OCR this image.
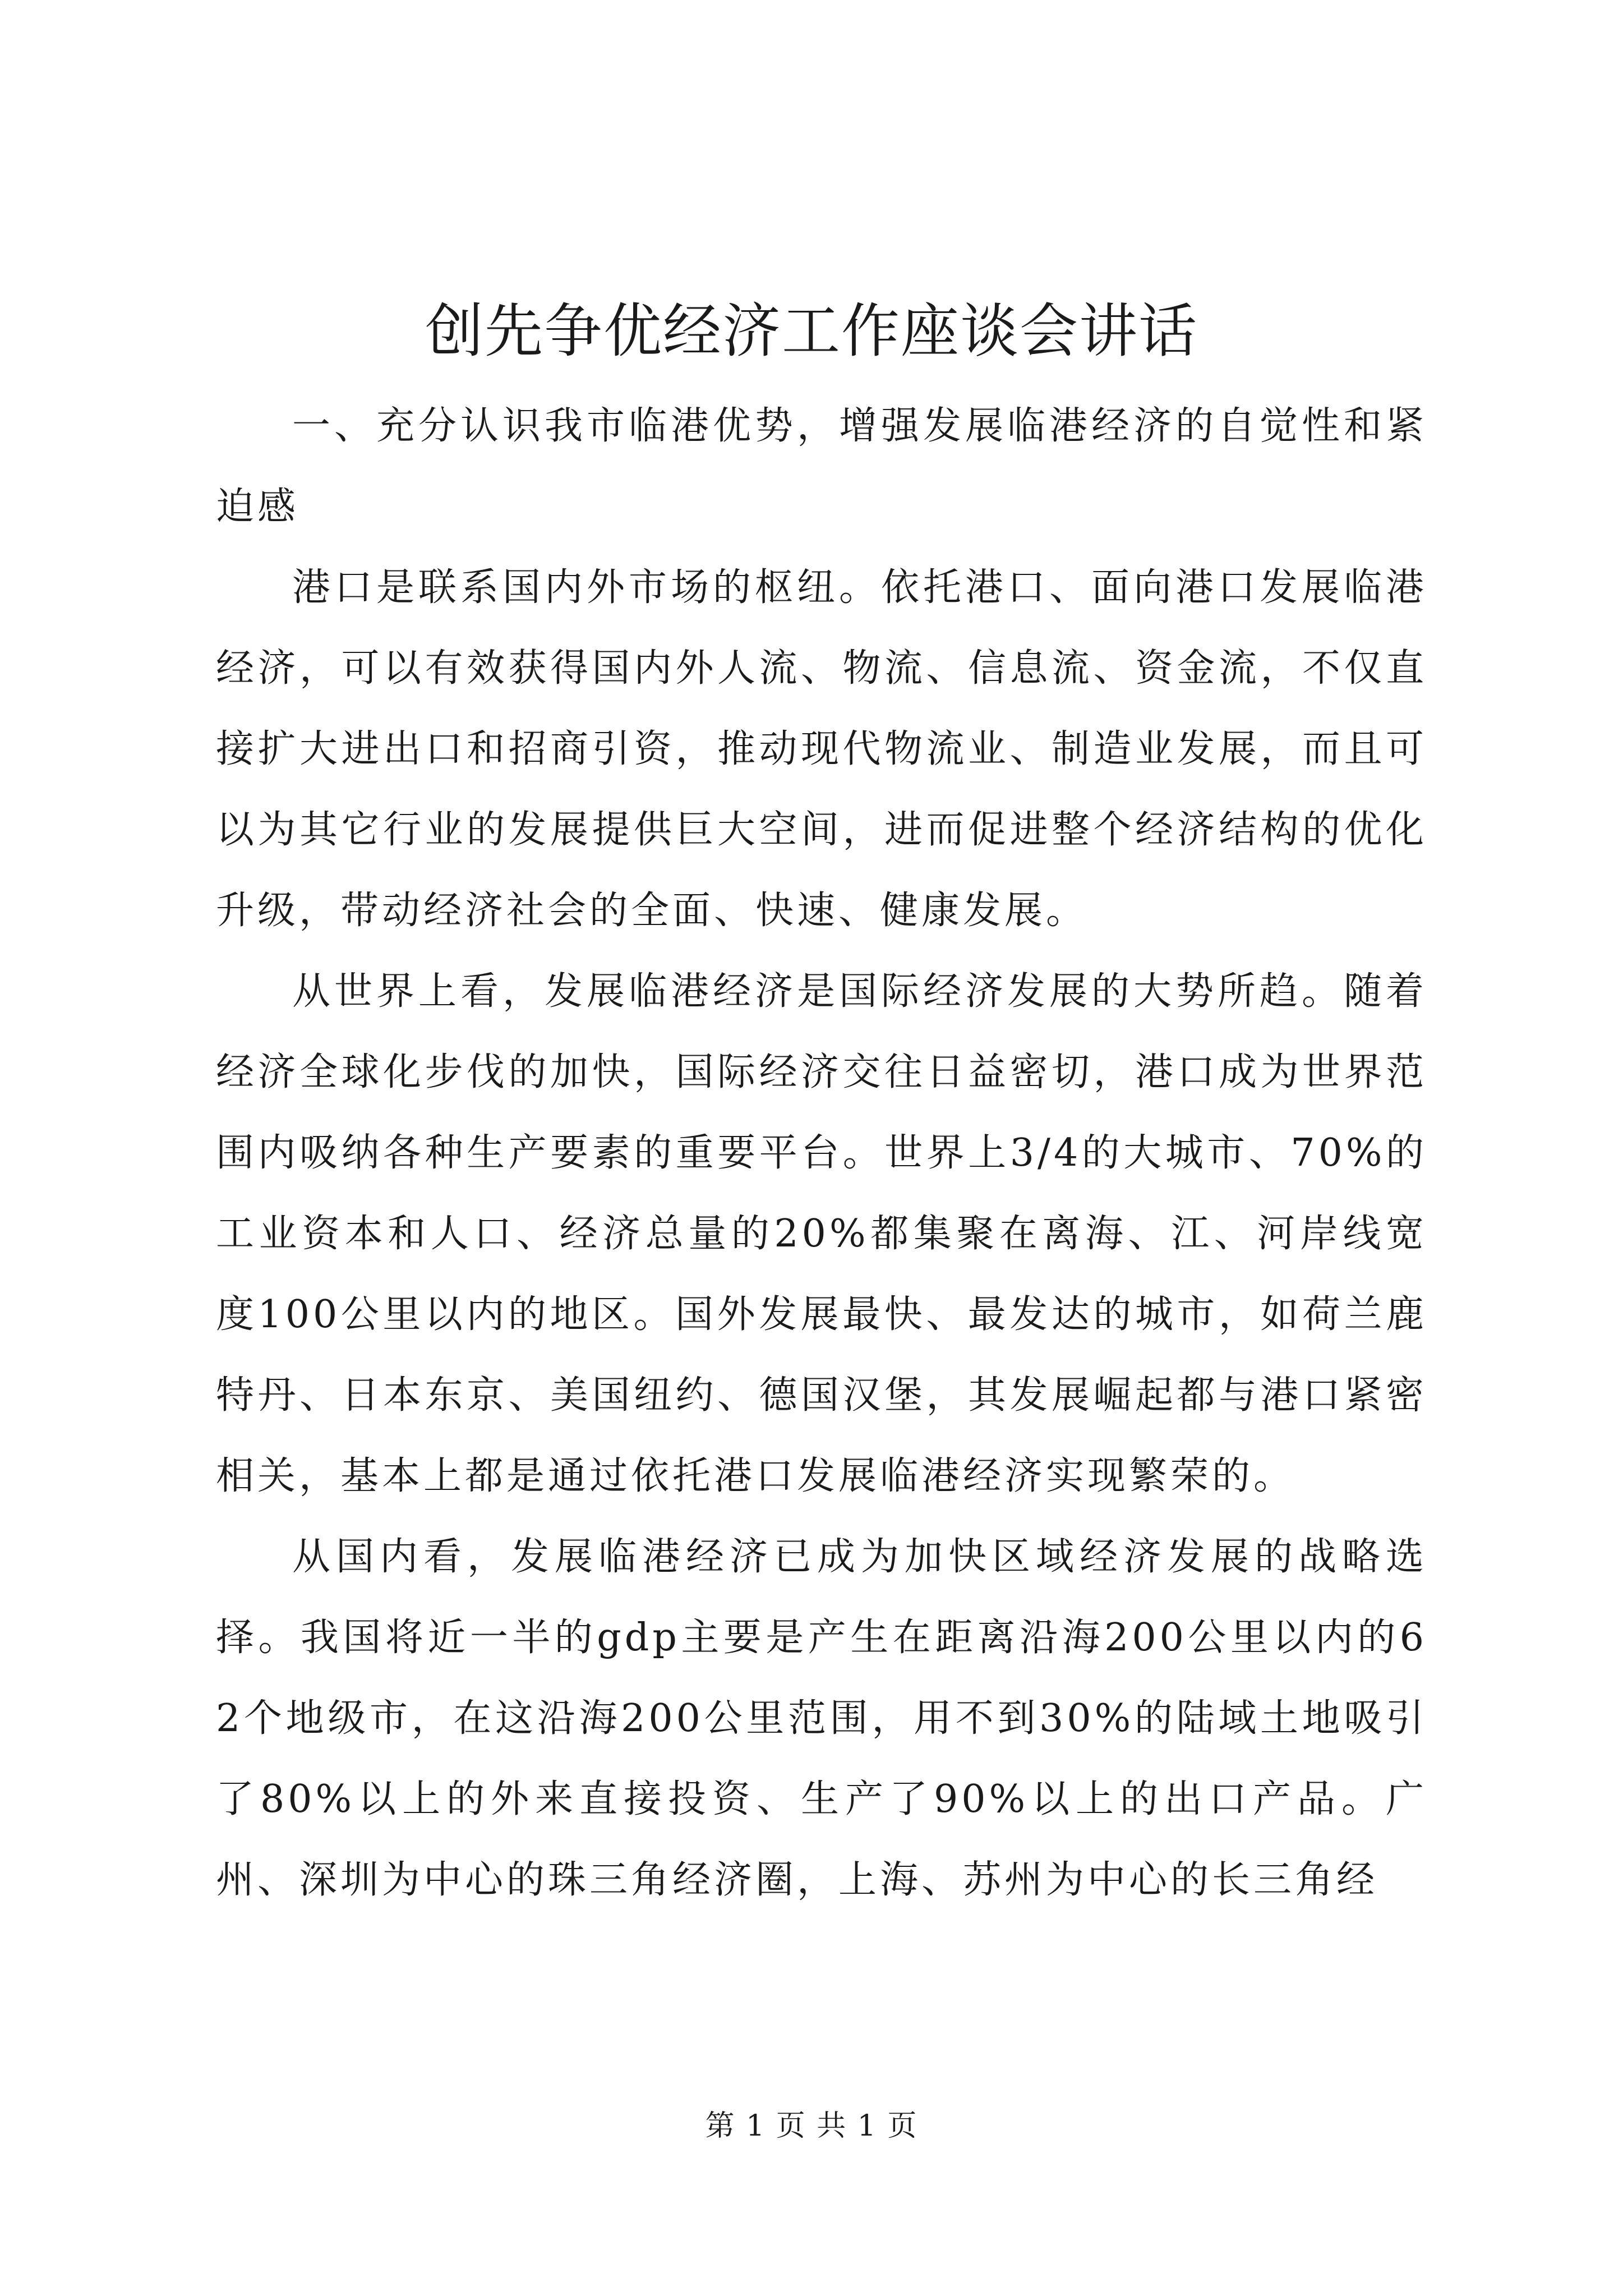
创先争优经济工作座谈会讲话

一、充分认识我市临港优势，增强发展临港经济的自觉性和紧迫感

港口是联系国内外市场的枢纽。依托港口、面向港口发展临港经济，可以有效获得国内外人流、物流、信息流、资金流，不仅直接扩大进出口和招商引资，推动现代物流业、制造业发展，而且可以为其它行业的发展提供巨大空间，进而促进整个经济结构的优化升级，带动经济社会的全面、快速、健康发展。

从世界上看，发展临港经济是国际经济发展的大势所趋。随着经济全球化步伐的加快，国际经济交往日益密切，港口成为世界范围内吸纳各种生产要素的重要平台。世界上3/4的大城市、70%的工业资本和人口、经济总量的20%都集聚在离海、江、河岸线宽度100公里以内的地区。国外发展最快、最发达的城市，如荷兰鹿特丹、日本东京、美国纽约、德国汉堡，其发展崛起都与港口紧密相关，基本上都是通过依托港口发展临港经济实现繁荣的。

从国内看，发展临港经济已成为加快区域经济发展的战略选择。我国将近一半的gdp主要是产生在距离沿海200公里以内的62个地级市，在这沿海200公里范围，用不到30%的陆域土地吸引了80%以上的外来直接投资、生产了90%以上的出口产品。广州、深圳为中心的珠三角经济圈，上海、苏州为中心的长三角经

第 1 页 共 1 页
